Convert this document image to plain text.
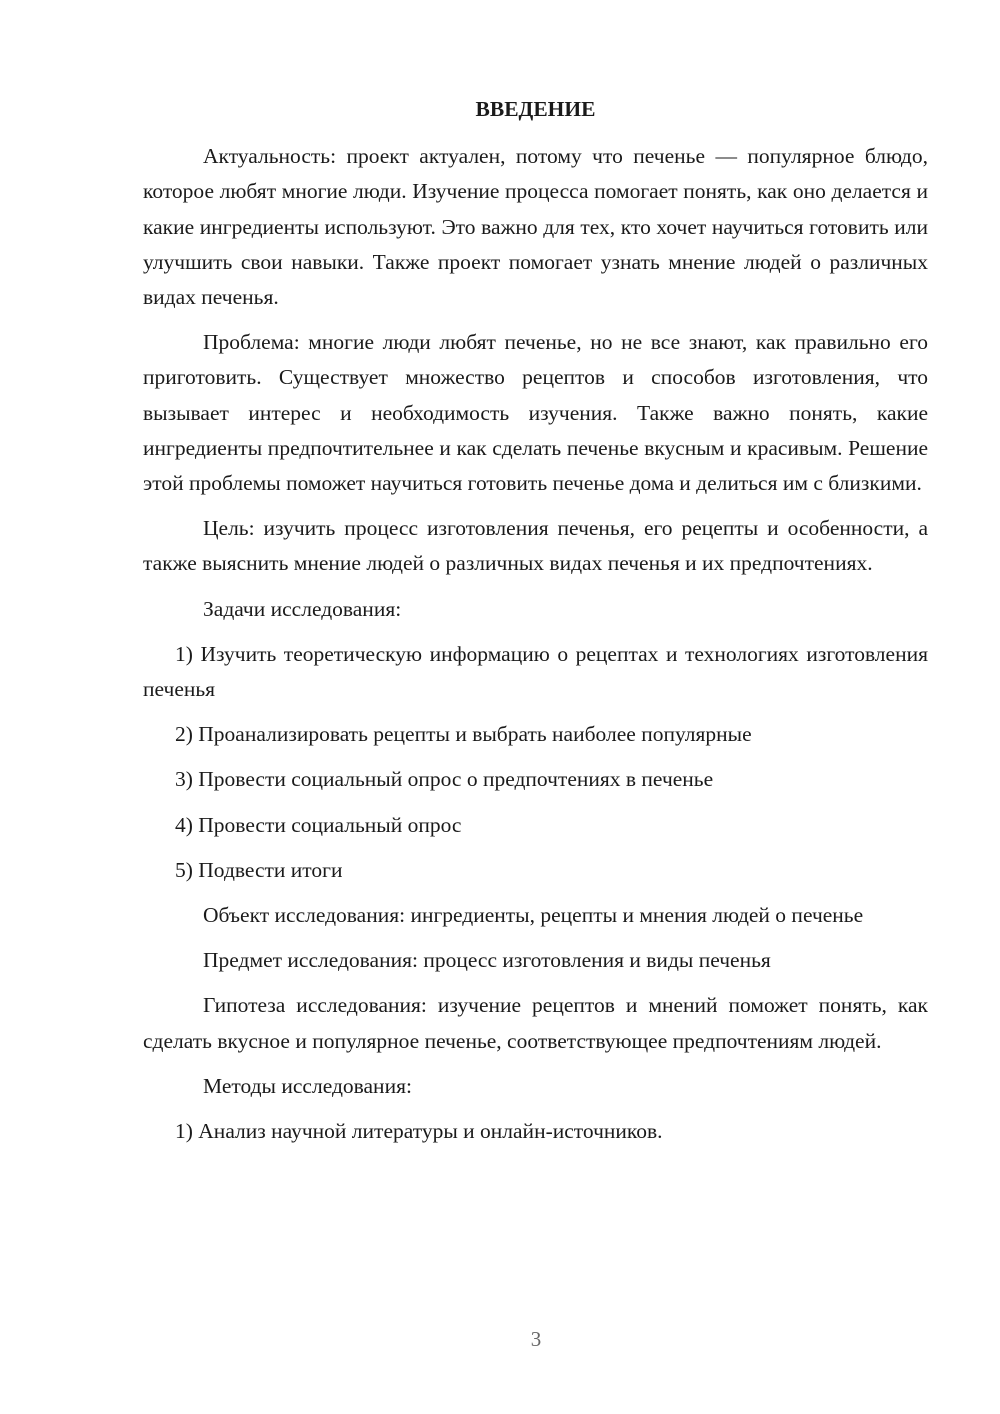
ВВЕДЕНИЕ

Актуальность: проект актуален, потому что печенье — популярное блюдо, которое любят многие люди. Изучение процесса помогает понять, как оно делается и какие ингредиенты используют. Это важно для тех, кто хочет научиться готовить или улучшить свои навыки. Также проект помогает узнать мнение людей о различных видах печенья.

Проблема: многие люди любят печенье, но не все знают, как правильно его приготовить. Существует множество рецептов и способов изготовления, что вызывает интерес и необходимость изучения. Также важно понять, какие ингредиенты предпочтительнее и как сделать печенье вкусным и красивым. Решение этой проблемы поможет научиться готовить печенье дома и делиться им с близкими.

Цель: изучить процесс изготовления печенья, его рецепты и особенности, а также выяснить мнение людей о различных видах печенья и их предпочтениях.

Задачи исследования:

1) Изучить теоретическую информацию о рецептах и технологиях изготовления печенья
2) Проанализировать рецепты и выбрать наиболее популярные
3) Провести социальный опрос о предпочтениях в печенье
4) Провести социальный опрос
5) Подвести итоги

Объект исследования: ингредиенты, рецепты и мнения людей о печенье

Предмет исследования: процесс изготовления и виды печенья

Гипотеза исследования: изучение рецептов и мнений поможет понять, как сделать вкусное и популярное печенье, соответствующее предпочтениям людей.

Методы исследования:

1) Анализ научной литературы и онлайн-источников.
3
